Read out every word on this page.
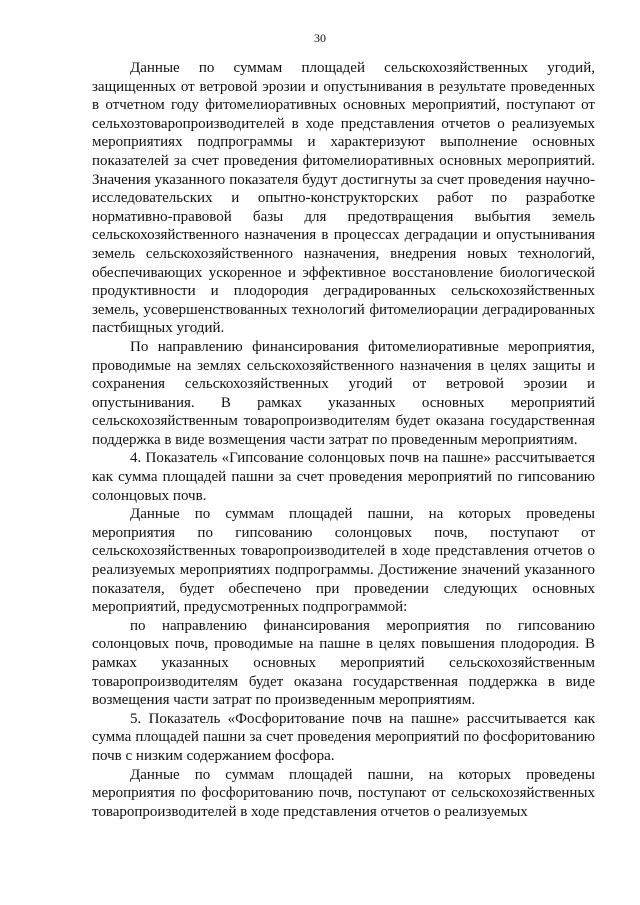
30

Данные по суммам площадей сельскохозяйственных угодий, защищенных от ветровой эрозии и опустынивания в результате проведенных в отчетном году фитомелиоративных основных мероприятий, поступают от сельхозтоваропроизводителей в ходе представления отчетов о реализуемых мероприятиях подпрограммы и характеризуют выполнение основных показателей за счет проведения фитомелиоративных основных мероприятий. Значения указанного показателя будут достигнуты за счет проведения научно-исследовательских и опытно-конструкторских работ по разработке нормативно-правовой базы для предотвращения выбытия земель сельскохозяйственного назначения в процессах деградации и опустынивания земель сельскохозяйственного назначения, внедрения новых технологий, обеспечивающих ускоренное и эффективное восстановление биологической продуктивности и плодородия деградированных сельскохозяйственных земель, усовершенствованных технологий фитомелиорации деградированных пастбищных угодий.

По направлению финансирования фитомелиоративные мероприятия, проводимые на землях сельскохозяйственного назначения в целях защиты и сохранения сельскохозяйственных угодий от ветровой эрозии и опустынивания. В рамках указанных основных мероприятий сельскохозяйственным товаропроизводителям будет оказана государственная поддержка в виде возмещения части затрат по проведенным мероприятиям.

4. Показатель «Гипсование солонцовых почв на пашне» рассчитывается как сумма площадей пашни за счет проведения мероприятий по гипсованию солонцовых почв.

Данные по суммам площадей пашни, на которых проведены мероприятия по гипсованию солонцовых почв, поступают от сельскохозяйственных товаропроизводителей в ходе представления отчетов о реализуемых мероприятиях подпрограммы. Достижение значений указанного показателя, будет обеспечено при проведении следующих основных мероприятий, предусмотренных подпрограммой:

по направлению финансирования мероприятия по гипсованию солонцовых почв, проводимые на пашне в целях повышения плодородия. В рамках указанных основных мероприятий сельскохозяйственным товаропроизводителям будет оказана государственная поддержка в виде возмещения части затрат по произведенным мероприятиям.

5. Показатель «Фосфоритование почв на пашне» рассчитывается как сумма площадей пашни за счет проведения мероприятий по фосфоритованию почв с низким содержанием фосфора.

Данные по суммам площадей пашни, на которых проведены мероприятия по фосфоритованию почв, поступают от сельскохозяйственных товаропроизводителей в ходе представления отчетов о реализуемых
